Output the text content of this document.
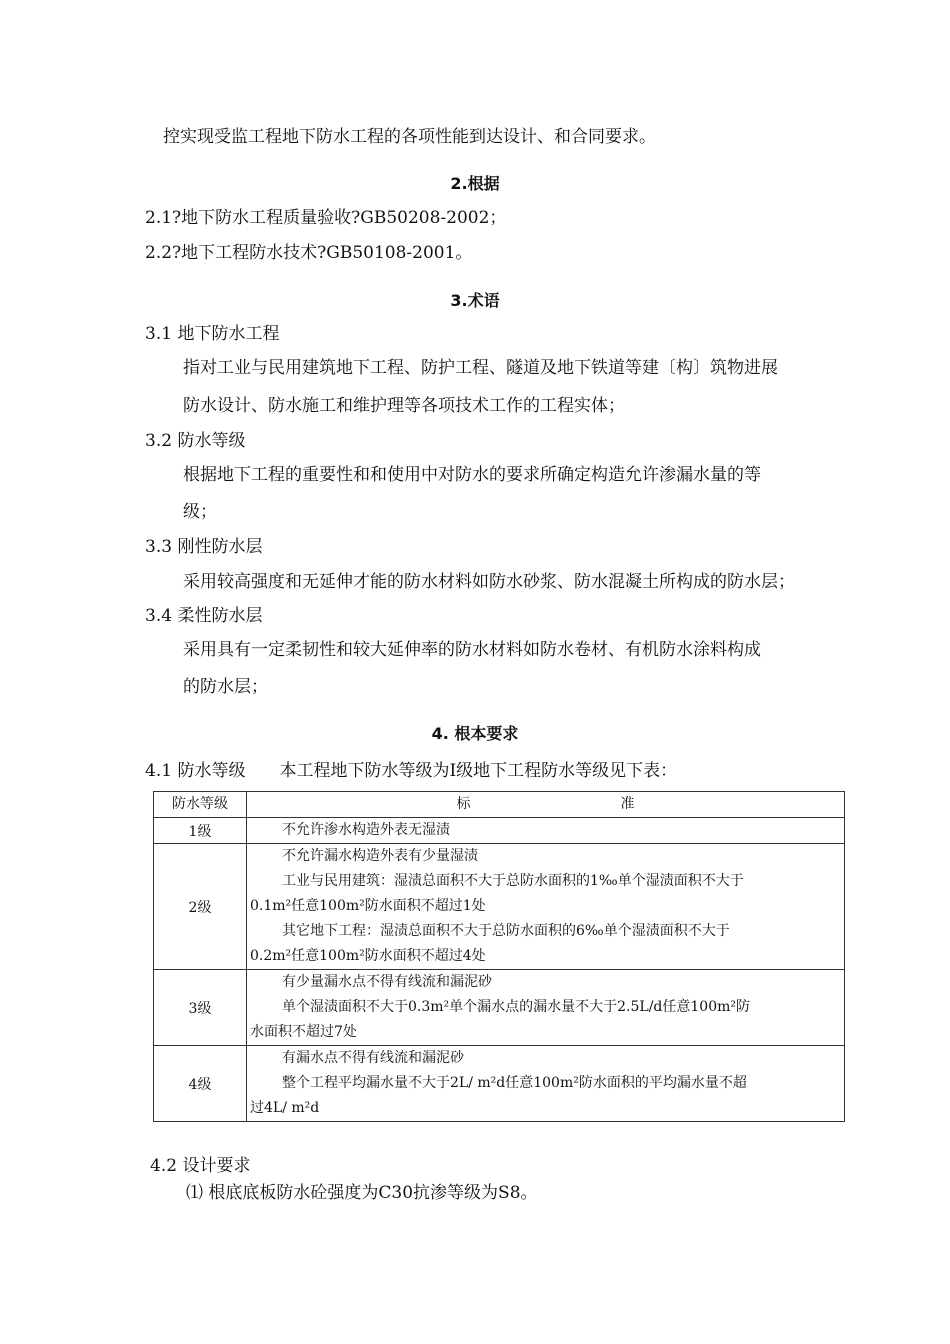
控实现受监工程地下防水工程的各项性能到达设计、和合同要求。
2.根据
2.1?地下防水工程质量验收?GB50208-2002；
2.2?地下工程防水技术?GB50108-2001。
3.术语
3.1 地下防水工程
指对工业与民用建筑地下工程、防护工程、隧道及地下铁道等建〔构〕筑物进展
防水设计、防水施工和维护理等各项技术工作的工程实体；
3.2 防水等级
根据地下工程的重要性和和使用中对防水的要求所确定构造允许渗漏水量的等
级；
3.3 刚性防水层
采用较高强度和无延伸才能的防水材料如防水砂浆、防水混凝土所构成的防水层；
3.4 柔性防水层
采用具有一定柔韧性和较大延伸率的防水材料如防水卷材、有机防水涂料构成
的防水层；
4. 根本要求
4.1 防水等级 本工程地下防水等级为Ⅰ级地下工程防水等级见下表：
防水等级	标 准
1级	不允许渗水构造外表无湿渍

2级	不允许漏水构造外表有少量湿渍
工业与民用建筑：湿渍总面积不大于总防水面积的1‰单个湿渍面积不大于
0.1m²任意100m²防水面积不超过1处
其它地下工程：湿渍总面积不大于总防水面积的6‰单个湿渍面积不大于
0.2m²任意100m²防水面积不超过4处

3级	有少量漏水点不得有线流和漏泥砂
单个湿渍面积不大于0.3m²单个漏水点的漏水量不大于2.5L/d任意100m²防
水面积不超过7处

4级	有漏水点不得有线流和漏泥砂
整个工程平均漏水量不大于2L/ m²d任意100m²防水面积的平均漏水量不超
过4L/ m²d
4.2 设计要求
⑴ 根底底板防水砼强度为C30抗渗等级为S8。
